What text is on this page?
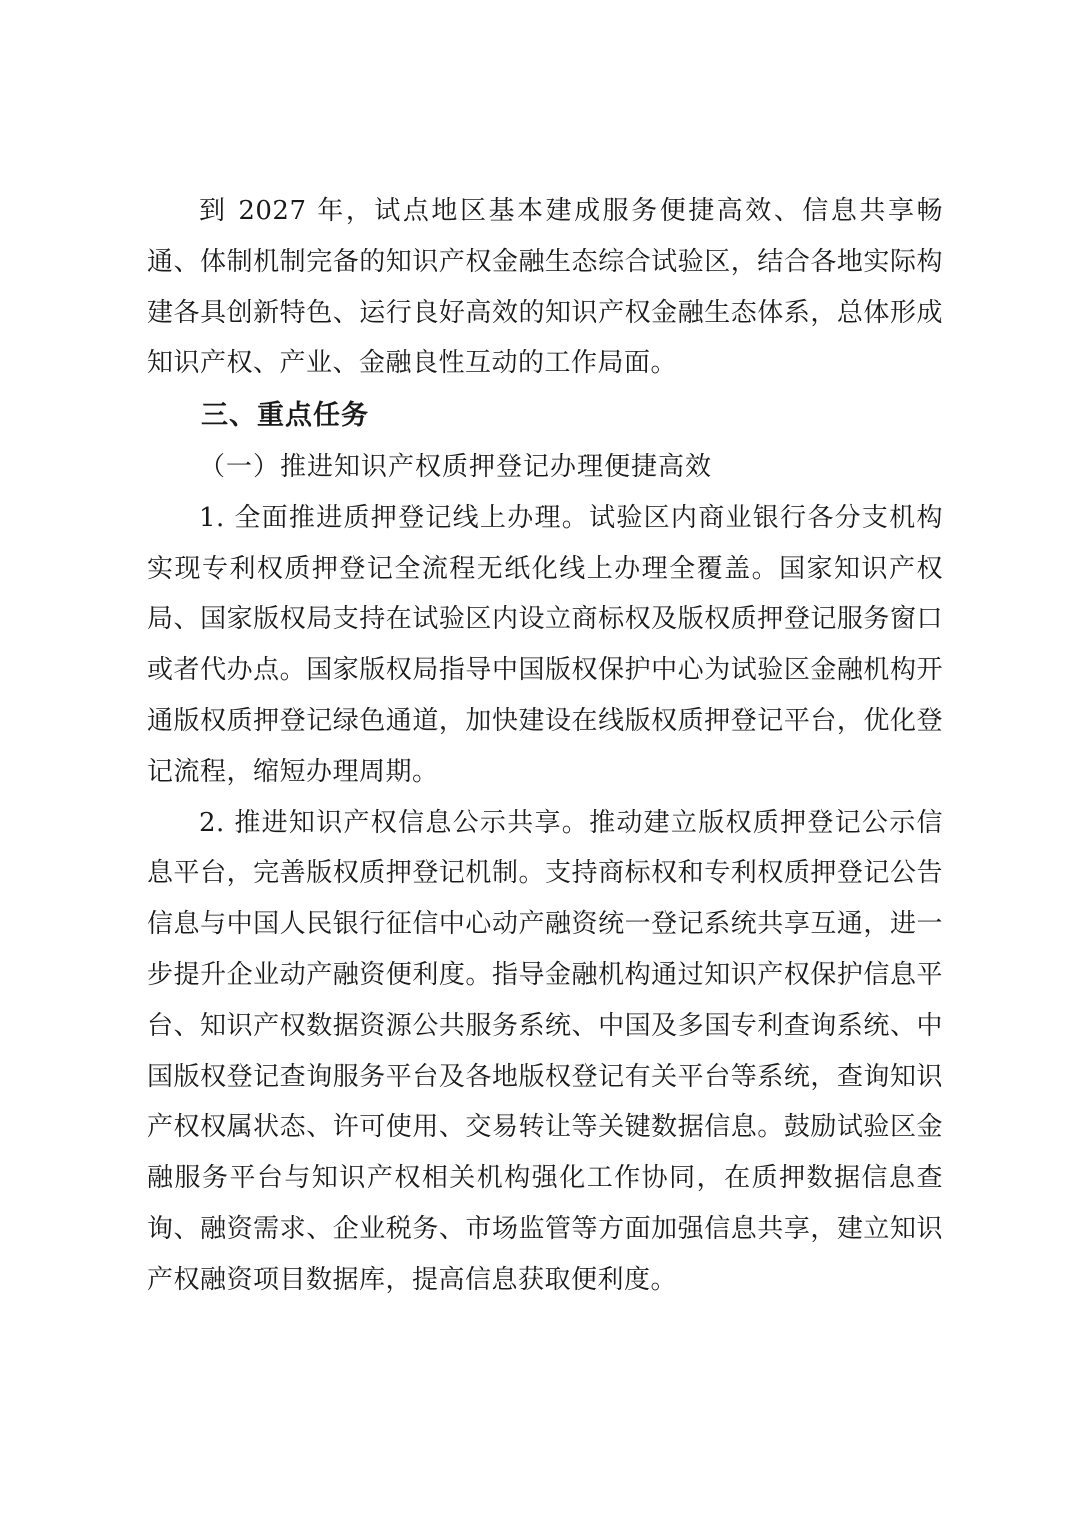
到 2027 年，试点地区基本建成服务便捷高效、信息共享畅通、体制机制完备的知识产权金融生态综合试验区，结合各地实际构建各具创新特色、运行良好高效的知识产权金融生态体系，总体形成知识产权、产业、金融良性互动的工作局面。

三、重点任务

（一）推进知识产权质押登记办理便捷高效

1. 全面推进质押登记线上办理。试验区内商业银行各分支机构实现专利权质押登记全流程无纸化线上办理全覆盖。国家知识产权局、国家版权局支持在试验区内设立商标权及版权质押登记服务窗口或者代办点。国家版权局指导中国版权保护中心为试验区金融机构开通版权质押登记绿色通道，加快建设在线版权质押登记平台，优化登记流程，缩短办理周期。

2. 推进知识产权信息公示共享。推动建立版权质押登记公示信息平台，完善版权质押登记机制。支持商标权和专利权质押登记公告信息与中国人民银行征信中心动产融资统一登记系统共享互通，进一步提升企业动产融资便利度。指导金融机构通过知识产权保护信息平台、知识产权数据资源公共服务系统、中国及多国专利查询系统、中国版权登记查询服务平台及各地版权登记有关平台等系统，查询知识产权权属状态、许可使用、交易转让等关键数据信息。鼓励试验区金融服务平台与知识产权相关机构强化工作协同，在质押数据信息查询、融资需求、企业税务、市场监管等方面加强信息共享，建立知识产权融资项目数据库，提高信息获取便利度。
